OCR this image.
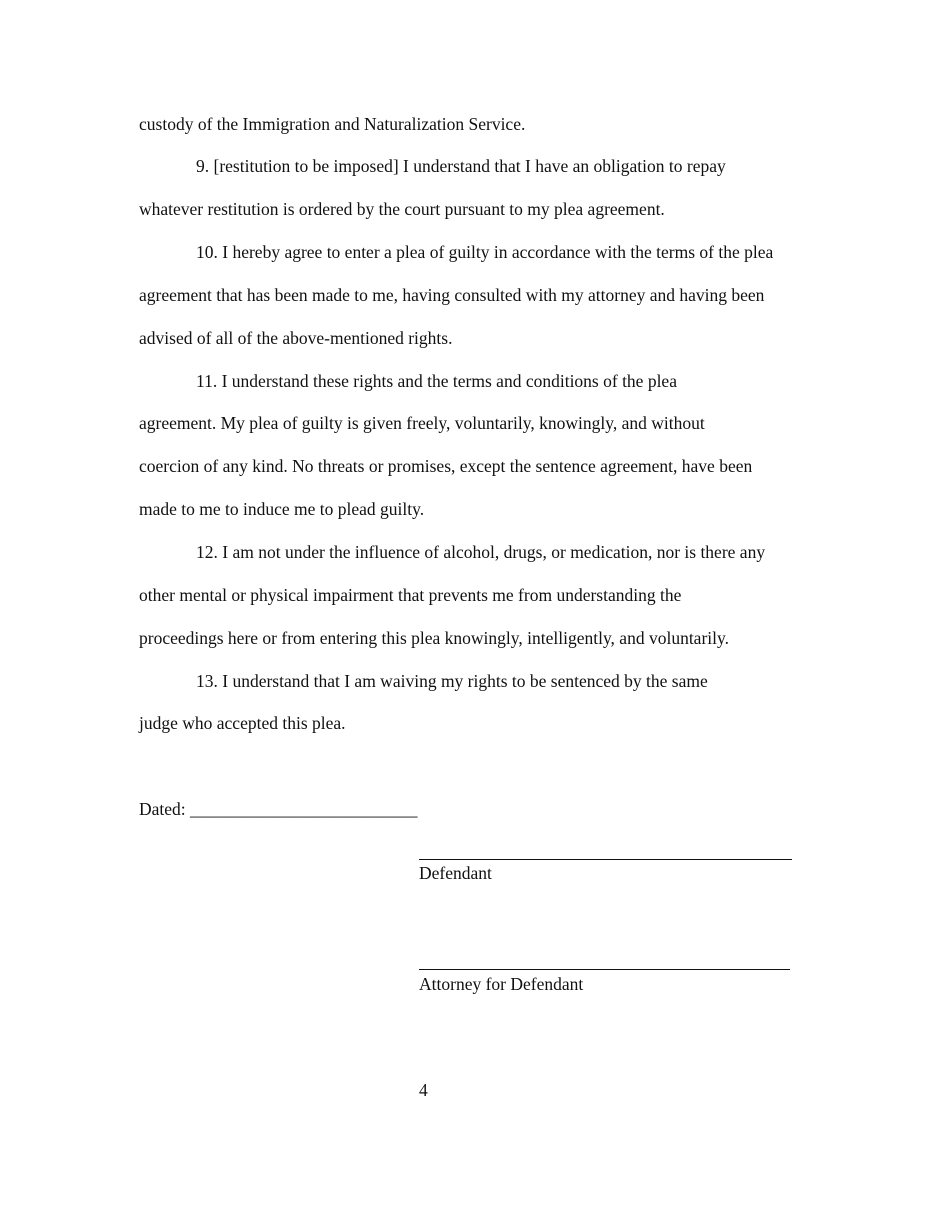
custody of the Immigration and Naturalization Service.
9. [restitution to be imposed] I understand that I have an obligation to repay
whatever restitution is ordered by the court pursuant to my plea agreement.
10. I hereby agree to enter a plea of guilty in accordance with the terms of the plea
agreement that has been made to me, having consulted with my attorney and having been
advised of all of the above-mentioned rights.
11. I understand these rights and the terms and conditions of the plea
agreement. My plea of guilty is given freely, voluntarily, knowingly, and without
coercion of any kind. No threats or promises, except the sentence agreement, have been
made to me to induce me to plead guilty.
12. I am not under the influence of alcohol, drugs, or medication, nor is there any
other mental or physical impairment that prevents me from understanding the
proceedings here or from entering this plea knowingly, intelligently, and voluntarily.
13. I understand that I am waiving my rights to be sentenced by the same
judge who accepted this plea.
Dated: __________________________
Defendant
Attorney for Defendant
4
